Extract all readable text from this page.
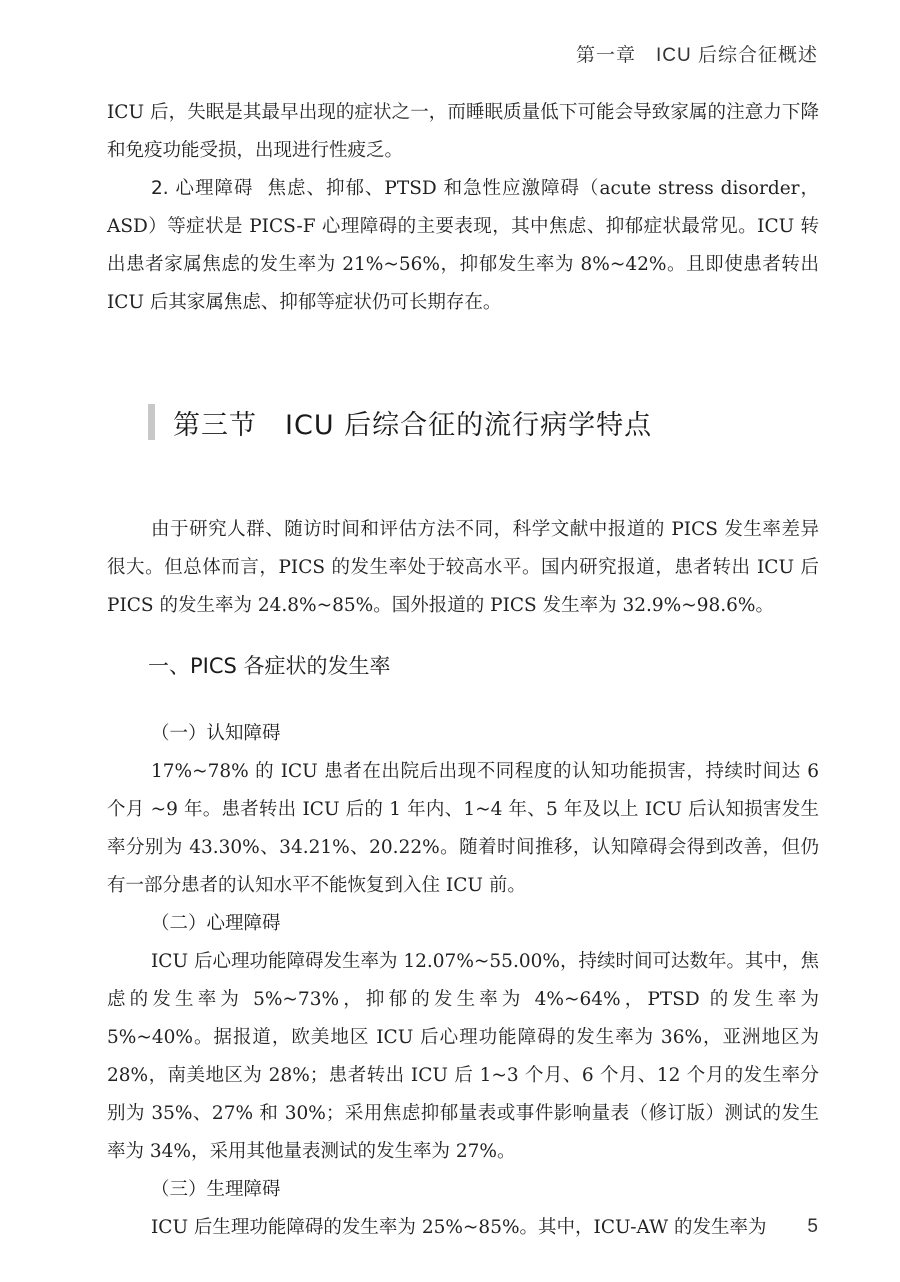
第一章　ICU 后综合征概述

ICU 后，失眠是其最早出现的症状之一，而睡眠质量低下可能会导致家属的注意力下降和免疫功能受损，出现进行性疲乏。

2. 心理障碍 焦虑、抑郁、PTSD 和急性应激障碍（acute stress disorder，ASD）等症状是 PICS-F 心理障碍的主要表现，其中焦虑、抑郁症状最常见。ICU 转出患者家属焦虑的发生率为 21%~56%，抑郁发生率为 8%~42%。且即使患者转出 ICU 后其家属焦虑、抑郁等症状仍可长期存在。

第三节　ICU 后综合征的流行病学特点

由于研究人群、随访时间和评估方法不同，科学文献中报道的 PICS 发生率差异很大。但总体而言，PICS 的发生率处于较高水平。国内研究报道，患者转出 ICU 后 PICS 的发生率为 24.8%~85%。国外报道的 PICS 发生率为 32.9%~98.6%。

一、PICS 各症状的发生率
（一）认知障碍

17%~78% 的 ICU 患者在出院后出现不同程度的认知功能损害，持续时间达 6 个月 ~9 年。患者转出 ICU 后的 1 年内、1~4 年、5 年及以上 ICU 后认知损害发生率分别为 43.30%、34.21%、20.22%。随着时间推移，认知障碍会得到改善，但仍有一部分患者的认知水平不能恢复到入住 ICU 前。

（二）心理障碍

ICU 后心理功能障碍发生率为 12.07%~55.00%，持续时间可达数年。其中，焦虑的发生率为 5%~73%，抑郁的发生率为 4%~64%，PTSD 的发生率为 5%~40%。据报道，欧美地区 ICU 后心理功能障碍的发生率为 36%，亚洲地区为 28%，南美地区为 28%；患者转出 ICU 后 1~3 个月、6 个月、12 个月的发生率分别为 35%、27% 和 30%；采用焦虑抑郁量表或事件影响量表（修订版）测试的发生率为 34%，采用其他量表测试的发生率为 27%。

（三）生理障碍

ICU 后生理功能障碍的发生率为 25%~85%。其中，ICU-AW 的发生率为	5
